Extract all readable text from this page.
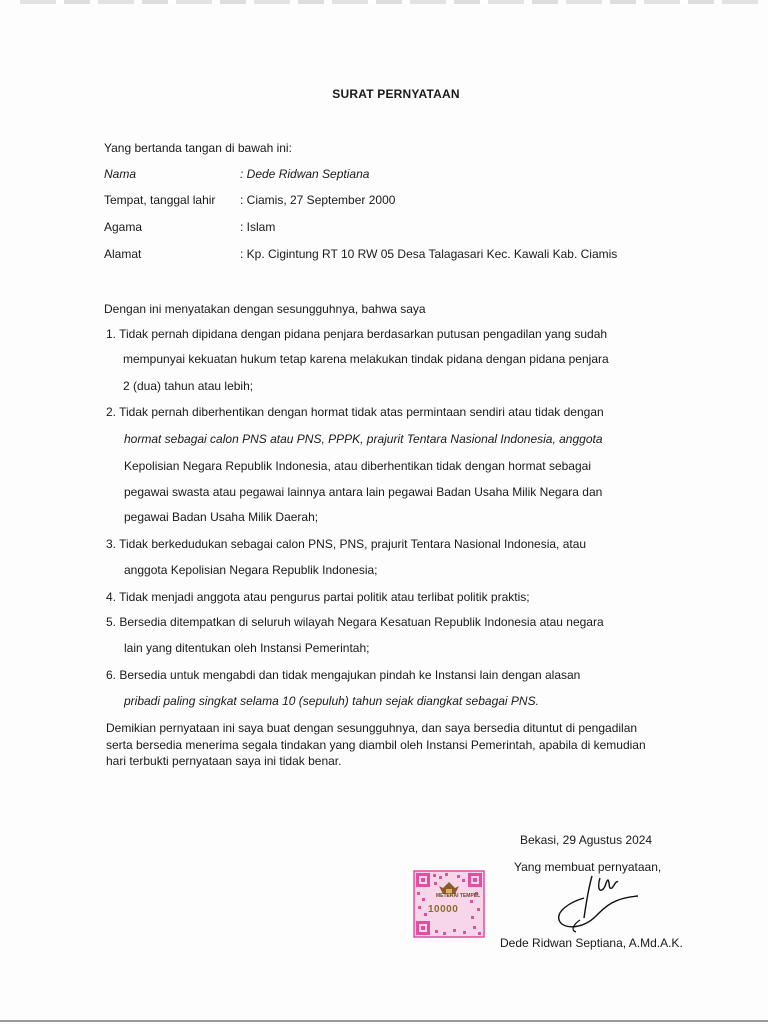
SURAT PERNYATAAN
Yang bertanda tangan di bawah ini:
Nama	: Dede Ridwan Septiana
Tempat, tanggal lahir : Ciamis, 27 September 2000
Agama	: Islam
Alamat	: Kp. Cigintung RT 10 RW 05 Desa Talagasari Kec. Kawali Kab. Ciamis
Dengan ini menyatakan dengan sesungguhnya, bahwa saya
1. Tidak pernah dipidana dengan pidana penjara berdasarkan putusan pengadilan yang sudah
mempunyai kekuatan hukum tetap karena melakukan tindak pidana dengan pidana penjara
2 (dua) tahun atau lebih;
2. Tidak pernah diberhentikan dengan hormat tidak atas permintaan sendiri atau tidak dengan
hormat sebagai calon PNS atau PNS, PPPK, prajurit Tentara Nasional Indonesia, anggota
Kepolisian Negara Republik Indonesia, atau diberhentikan tidak dengan hormat sebagai
pegawai swasta atau pegawai lainnya antara lain pegawai Badan Usaha Milik Negara dan
pegawai Badan Usaha Milik Daerah;
3. Tidak berkedudukan sebagai calon PNS, PNS, prajurit Tentara Nasional Indonesia, atau
anggota Kepolisian Negara Republik Indonesia;
4. Tidak menjadi anggota atau pengurus partai politik atau terlibat politik praktis;
5. Bersedia ditempatkan di seluruh wilayah Negara Kesatuan Republik Indonesia atau negara
lain yang ditentukan oleh Instansi Pemerintah;
6. Bersedia untuk mengabdi dan tidak mengajukan pindah ke Instansi lain dengan alasan
pribadi paling singkat selama 10 (sepuluh) tahun sejak diangkat sebagai PNS.
Demikian pernyataan ini saya buat dengan sesungguhnya, dan saya bersedia dituntut di pengadilan
serta bersedia menerima segala tindakan yang diambil oleh Instansi Pemerintah, apabila di kemudian
hari terbukti pernyataan saya ini tidak benar.
Bekasi, 29 Agustus 2024
Yang membuat pernyataan,
METERAI TEMPEL
10000
Dede Ridwan Septiana, A.Md.A.K.
